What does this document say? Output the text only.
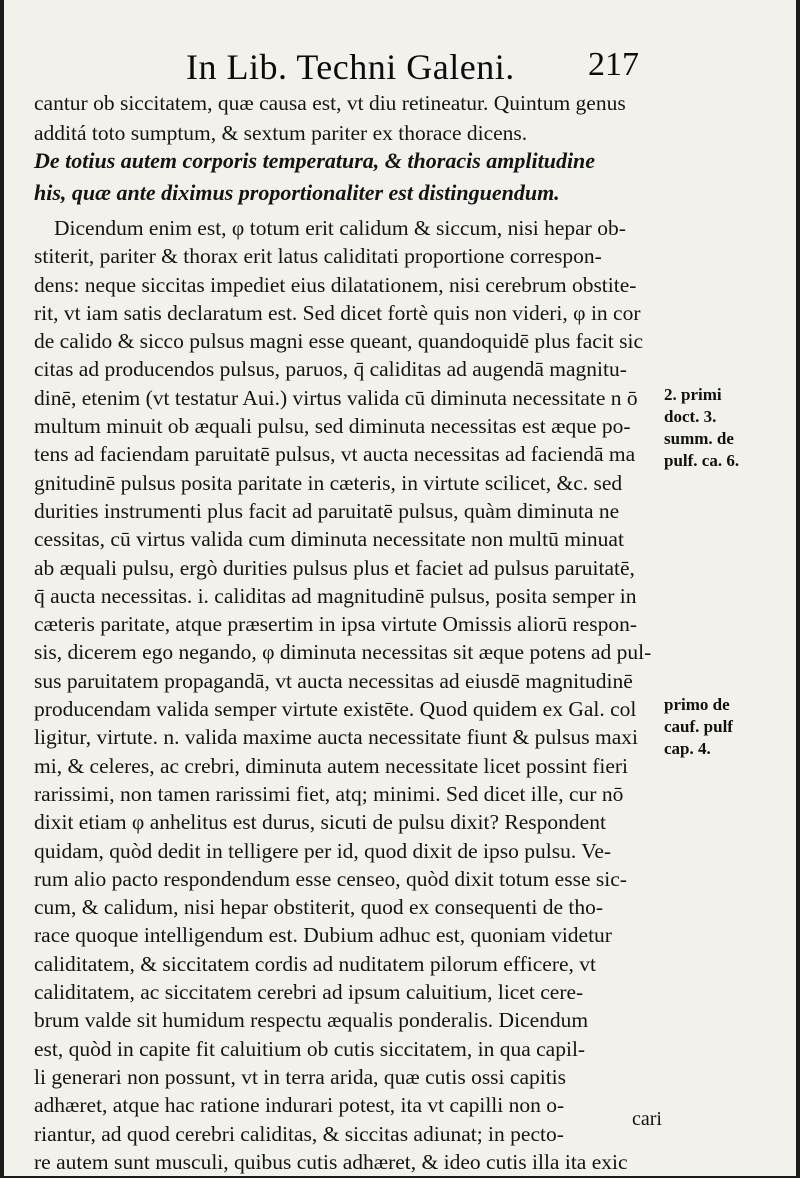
In Lib. Techni Galeni. 217
cantur ob siccitatem, quæ causa est, vt diu retineatur. Quintum genus
additá toto sumptum, & sextum pariter ex thorace dicens.
De totius autem corporis temperatura, & thoracis amplitudine
his, quæ ante diximus proportionaliter est distinguendum.
Dicendum enim est, φ totum erit calidum & siccum, nisi hepar ob-
stiterit, pariter & thorax erit latus caliditati proportione correspon-
dens: neque siccitas impediet eius dilatationem, nisi cerebrum obstite-
rit, vt iam satis declaratum est. Sed dicet fortè quis non videri, φ in cor
de calido & sicco pulsus magni esse queant, quandoquidē plus facit sic
citas ad producendos pulsus, paruos, q̄ caliditas ad augendā magnitu-
dinē, etenim (vt testatur Aui.) virtus valida cū diminuta necessitate n ō
multum minuit ob æquali pulsu, sed diminuta necessitas est æque po-
tens ad faciendam paruitatē pulsus, vt aucta necessitas ad faciendā ma
gnitudinē pulsus posita paritate in cæteris, in virtute scilicet, &c. sed
durities instrumenti plus facit ad paruitatē pulsus, quàm diminuta ne
cessitas, cū virtus valida cum diminuta necessitate non multū minuat
ab æquali pulsu, ergò durities pulsus plus et faciet ad pulsus paruitatē,
q̄ aucta necessitas. i. caliditas ad magnitudinē pulsus, posita semper in
cæteris paritate, atque præsertim in ipsa virtute Omissis aliorū respon-
sis, dicerem ego negando, φ diminuta necessitas sit æque potens ad pul-
sus paruitatem propagandā, vt aucta necessitas ad eiusdē magnitudinē
producendam valida semper virtute existēte. Quod quidem ex Gal. col
ligitur, virtute. n. valida maxime aucta necessitate fiunt & pulsus maxi
mi, & celeres, ac crebri, diminuta autem necessitate licet possint fieri
rarissimi, non tamen rarissimi fiet, atq; minimi. Sed dicet ille, cur nō
dixit etiam φ anhelitus est durus, sicuti de pulsu dixit? Respondent
quidam, quòd dedit in telligere per id, quod dixit de ipso pulsu. Ve-
rum alio pacto respondendum esse censeo, quòd dixit totum esse sic-
cum, & calidum, nisi hepar obstiterit, quod ex consequenti de tho-
race quoque intelligendum est. Dubium adhuc est, quoniam videtur
caliditatem, & siccitatem cordis ad nuditatem pilorum efficere, vt
caliditatem, ac siccitatem cerebri ad ipsum caluitium, licet cere-
brum valde sit humidum respectu æqualis ponderalis. Dicendum
est, quòd in capite fit caluitium ob cutis siccitatem, in qua capil-
li generari non possunt, vt in terra arida, quæ cutis ossi capitis
adhæret, atque hac ratione indurari potest, ita vt capilli non o-
riantur, ad quod cerebri caliditas, & siccitas adiunat; in pecto-
re autem sunt musculi, quibus cutis adhæret, & ideo cutis illa ita exic
2. primi
doct. 3.
summ. de
pulf. ca. 6.
primo de
cauf. pulf
cap. 4.
cari
